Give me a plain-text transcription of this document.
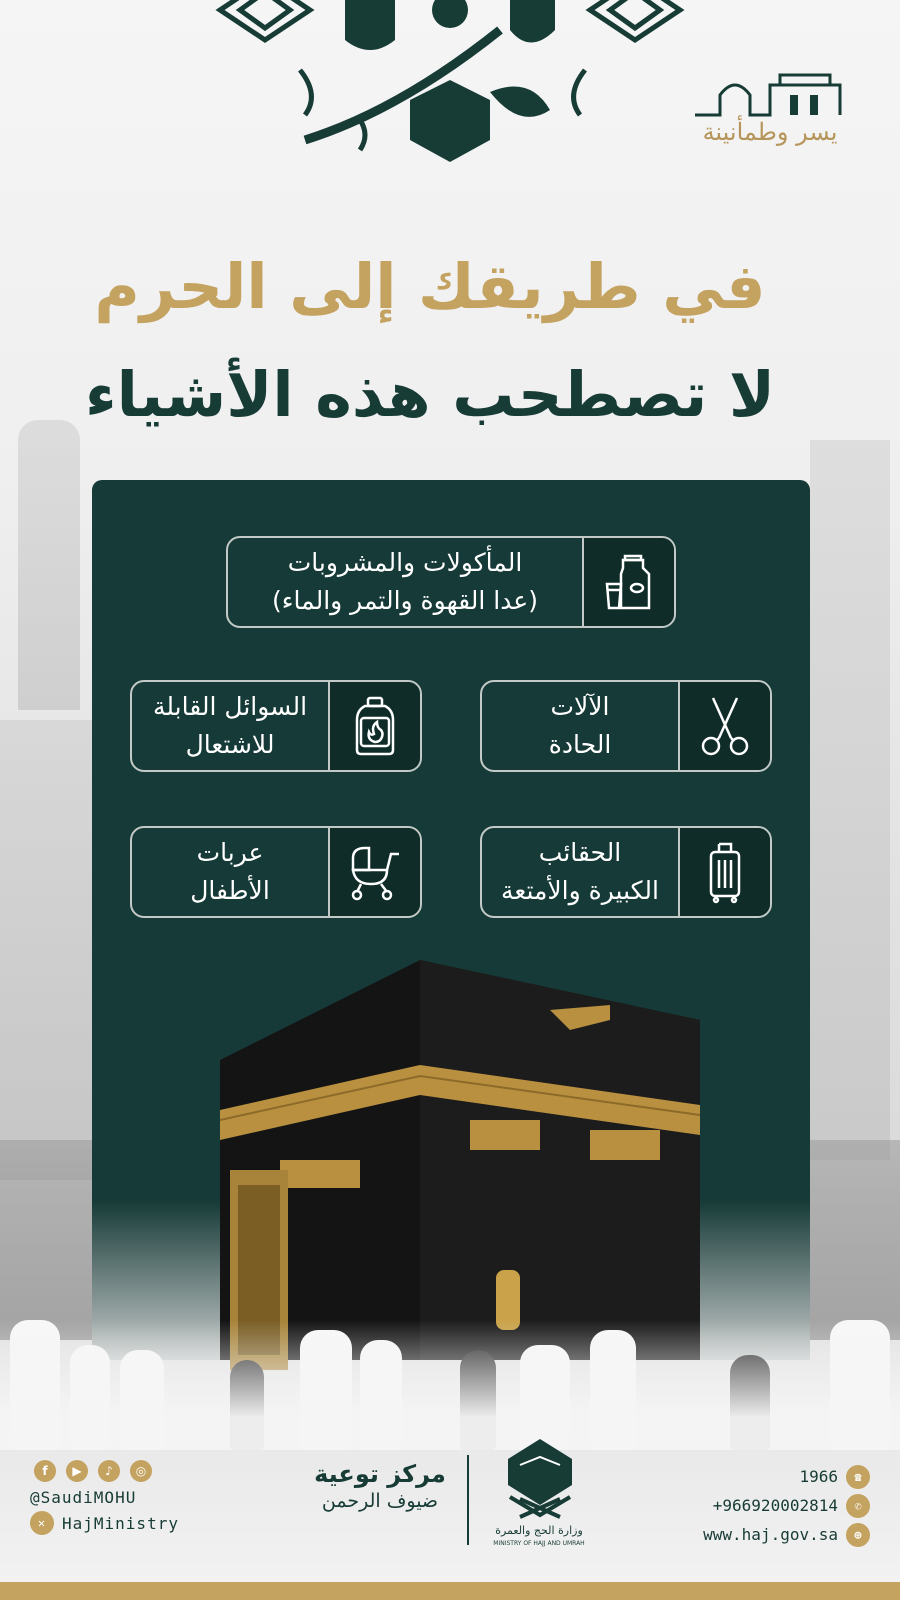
يسر وطمأنينة
في طريقك إلى الحرم
لا تصطحب هذه الأشياء
المأكولات والمشروبات
(عدا القهوة والتمر والماء)
السوائل القابلة
للاشتعال
الآلات
الحادة
عربات
الأطفال
الحقائب
الكبيرة والأمتعة
f	▶	♪	◎
@SaudiMOHU
✕ HajMinistry
مركز توعية
ضيوف الرحمن
وزارة الحج والعمرة
MINISTRY OF HAJJ AND UMRAH
1966	☎
+966920002814	✆
www.haj.gov.sa	⊕
